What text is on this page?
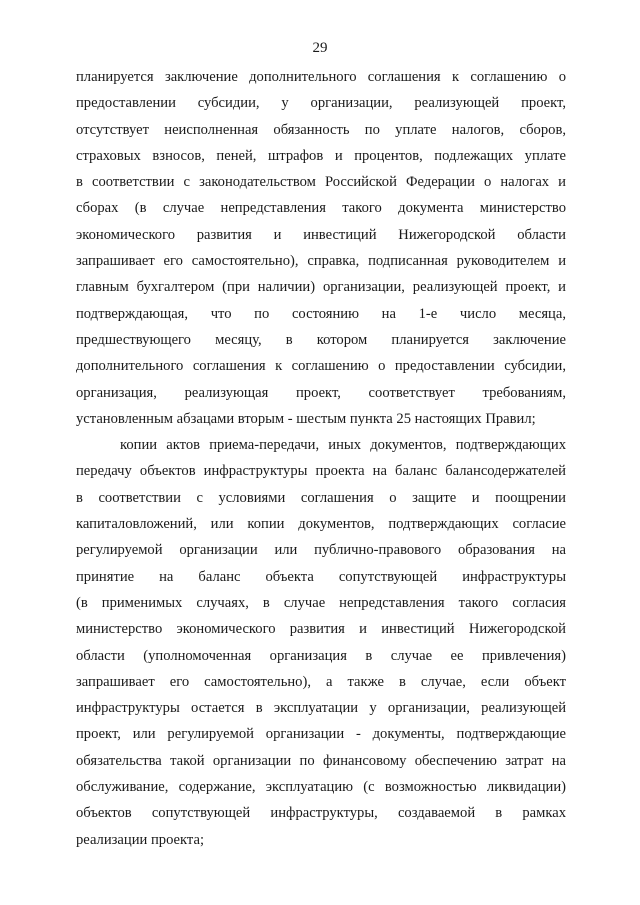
29
планируется заключение дополнительного соглашения к соглашению о
предоставлении субсидии, у организации, реализующей проект,
отсутствует неисполненная обязанность по уплате налогов, сборов,
страховых взносов, пеней, штрафов и процентов, подлежащих уплате
в соответствии с законодательством Российской Федерации о налогах и
сборах (в случае непредставления такого документа министерство
экономического развития и инвестиций Нижегородской области
запрашивает его самостоятельно), справка, подписанная руководителем и
главным бухгалтером (при наличии) организации, реализующей проект, и
подтверждающая, что по состоянию на 1-е число месяца,
предшествующего месяцу, в котором планируется заключение
дополнительного соглашения к соглашению о предоставлении субсидии,
организация, реализующая проект, соответствует требованиям,
установленным абзацами вторым - шестым пункта 25 настоящих Правил;
копии актов приема-передачи, иных документов, подтверждающих
передачу объектов инфраструктуры проекта на баланс балансодержателей
в соответствии с условиями соглашения о защите и поощрении
капиталовложений, или копии документов, подтверждающих согласие
регулируемой организации или публично-правового образования на
принятие на баланс объекта сопутствующей инфраструктуры
(в применимых случаях, в случае непредставления такого согласия
министерство экономического развития и инвестиций Нижегородской
области (уполномоченная организация в случае ее привлечения)
запрашивает его самостоятельно), а также в случае, если объект
инфраструктуры остается в эксплуатации у организации, реализующей
проект, или регулируемой организации - документы, подтверждающие
обязательства такой организации по финансовому обеспечению затрат на
обслуживание, содержание, эксплуатацию (с возможностью ликвидации)
объектов сопутствующей инфраструктуры, создаваемой в рамках
реализации проекта;
